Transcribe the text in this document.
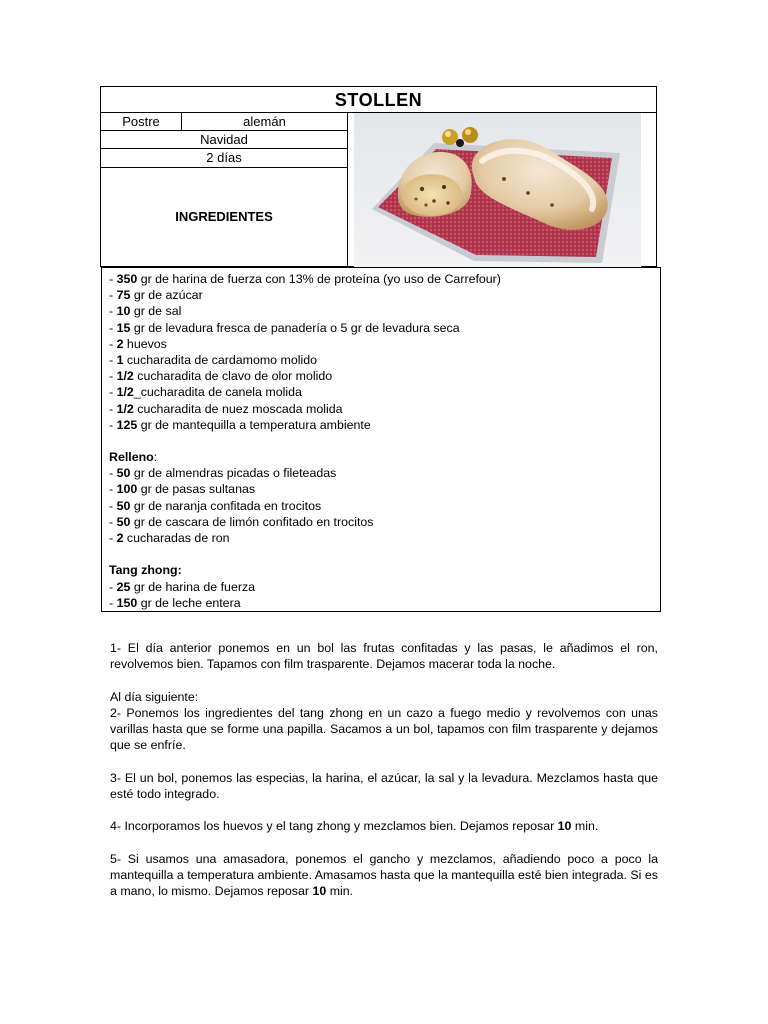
STOLLEN
Postre	alemán
Navidad
2 días
INGREDIENTES
- 350 gr de harina de fuerza con 13% de proteína (yo uso de Carrefour)
- 75 gr de azúcar
- 10 gr de sal
- 15 gr de levadura fresca de panadería o 5 gr de levadura seca
- 2 huevos
- 1 cucharadita de cardamomo molido
- 1/2 cucharadita de clavo de olor molido
- 1/2_cucharadita de canela molida
- 1/2 cucharadita de nuez moscada molida
- 125 gr de mantequilla a temperatura ambiente
Relleno:
- 50 gr de almendras picadas o fileteadas
- 100 gr de pasas sultanas
- 50 gr de naranja confitada en trocitos
- 50 gr de cascara de limón confitado en trocitos
- 2 cucharadas de ron
Tang zhong:
- 25 gr de harina de fuerza
- 150 gr de leche entera

1- El día anterior ponemos en un bol las frutas confitadas y las pasas, le añadimos el ron, revolvemos bien. Tapamos con film trasparente. Dejamos macerar toda la noche.

Al día siguiente:

2- Ponemos los ingredientes del tang zhong en un cazo a fuego medio y revolvemos con unas varillas hasta que se forme una papilla. Sacamos a un bol, tapamos con film trasparente y dejamos que se enfríe.

3- El un bol, ponemos las especias, la harina, el azúcar, la sal y la levadura. Mezclamos hasta que esté todo integrado.

4- Incorporamos los huevos y el tang zhong y mezclamos bien. Dejamos reposar 10 min.

5- Si usamos una amasadora, ponemos el gancho y mezclamos, añadiendo poco a poco la mantequilla a temperatura ambiente. Amasamos hasta que la mantequilla esté bien integrada. Si es a mano, lo mismo. Dejamos reposar 10 min.
